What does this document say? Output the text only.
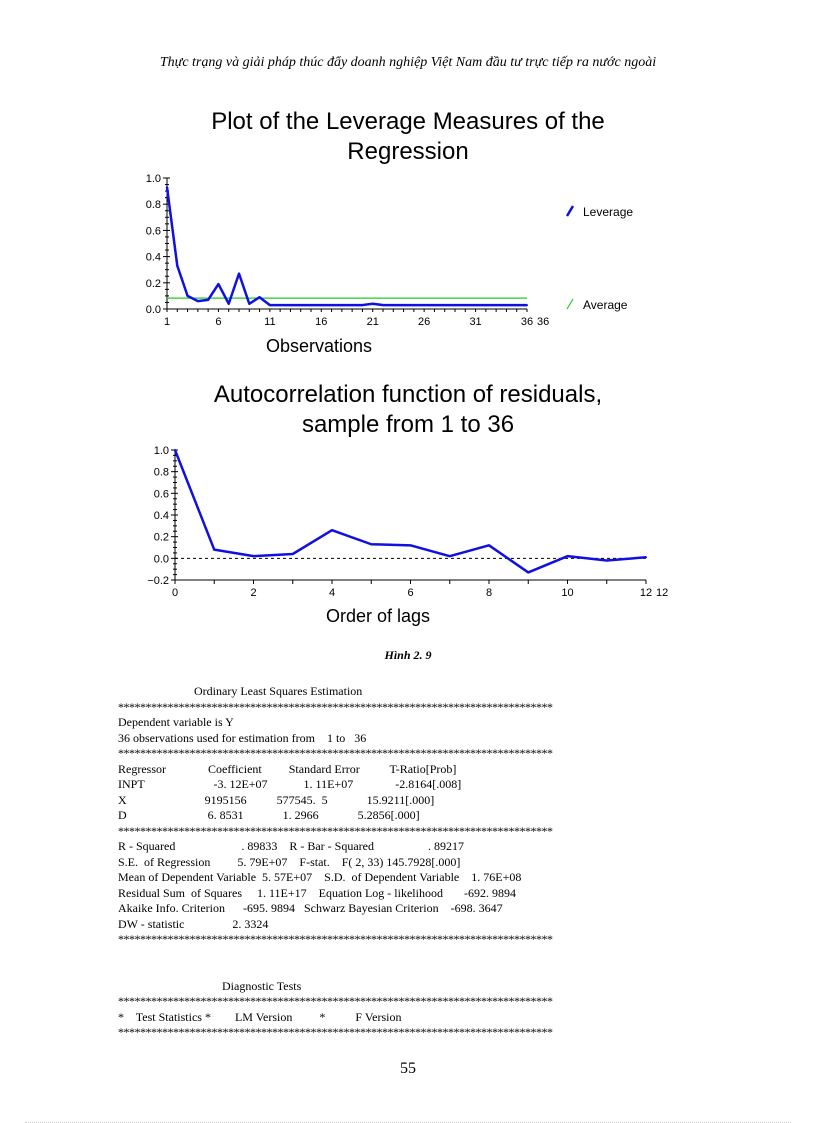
Thực trạng và giải pháp thúc đẩy doanh nghiệp Việt Nam đầu tư trực tiếp ra nước ngoài
Plot of the Leverage Measures of the
Regression
0.0
0.2
0.4
0.6
0.8
1.0
1	6	11	16	21	26	31	36 36
Leverage
Average
Observations
Autocorrelation function of residuals,
sample from 1 to 36
−0.2
0.0
0.2
0.4
0.6
0.8
1.0
0	2	4	6	8	10	12 12
Order of lags
Hình 2. 9
Ordinary Least Squares Estimation
*******************************************************************************
Dependent variable is Y
36 observations used for estimation from    1 to   36
*******************************************************************************
Regressor              Coefficient         Standard Error          T-Ratio[Prob]
INPT                       -3. 12E+07            1. 11E+07              -2.8164[.008]
X                          9195156          577545.  5             15.9211[.000]
D                           6. 8531             1. 2966             5.2856[.000]
*******************************************************************************
R - Squared                      . 89833    R - Bar - Squared                  . 89217
S.E.  of Regression         5. 79E+07    F-stat.    F( 2, 33) 145.7928[.000]
Mean of Dependent Variable  5. 57E+07    S.D.  of Dependent Variable    1. 76E+08
Residual Sum  of Squares     1. 11E+17    Equation Log - likelihood       -692. 9894
Akaike Info. Criterion      -695. 9894   Schwarz Bayesian Criterion    -698. 3647
DW - statistic                2. 3324
*******************************************************************************
Diagnostic Tests
*******************************************************************************
*    Test Statistics *        LM Version         *          F Version
*******************************************************************************
55
